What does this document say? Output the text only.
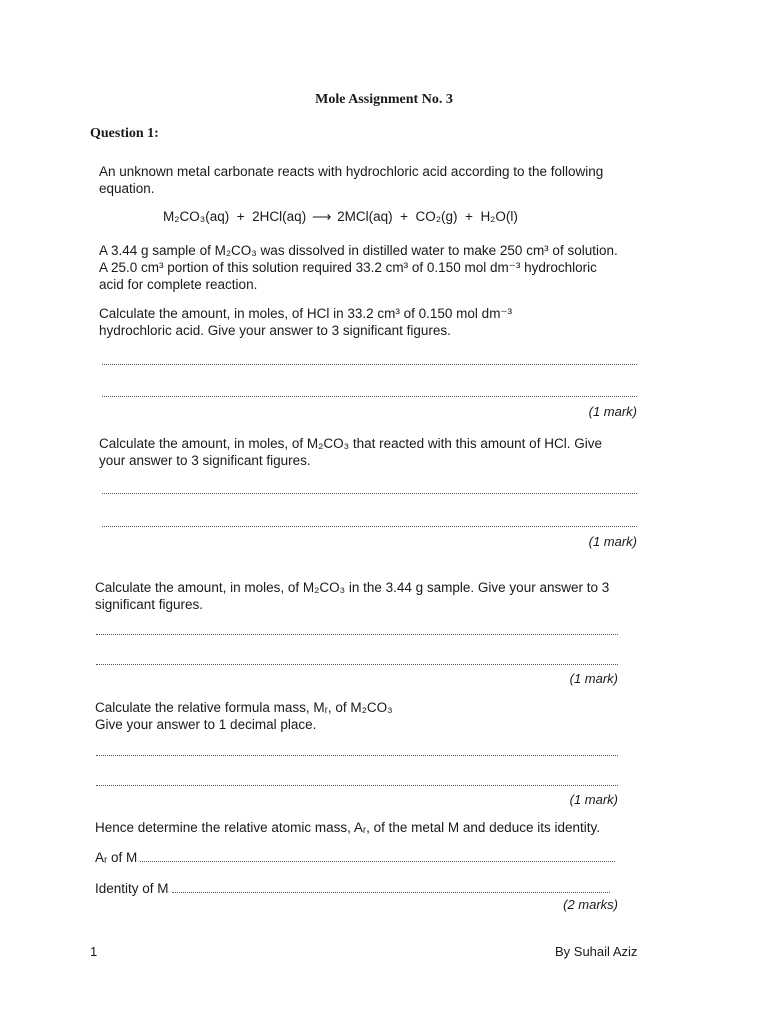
Mole Assignment No. 3
Question 1:

An unknown metal carbonate reacts with hydrochloric acid according to the following equation.

M₂CO₃(aq) + 2HCl(aq) ⟶ 2MCl(aq) + CO₂(g) + H₂O(l)

A 3.44 g sample of M₂CO₃ was dissolved in distilled water to make 250 cm³ of solution. A 25.0 cm³ portion of this solution required 33.2 cm³ of 0.150 mol dm⁻³ hydrochloric acid for complete reaction.

Calculate the amount, in moles, of HCl in 33.2 cm³ of 0.150 mol dm⁻³ hydrochloric acid. Give your answer to 3 significant figures.

(1 mark)

Calculate the amount, in moles, of M₂CO₃ that reacted with this amount of HCl. Give your answer to 3 significant figures.

(1 mark)

Calculate the amount, in moles, of M₂CO₃ in the 3.44 g sample. Give your answer to 3 significant figures.

(1 mark)

Calculate the relative formula mass, Mᵣ, of M₂CO₃ Give your answer to 1 decimal place.

(1 mark)

Hence determine the relative atomic mass, Aᵣ, of the metal M and deduce its identity.

Aᵣ of M
Identity of M
(2 marks)
1	By Suhail Aziz
